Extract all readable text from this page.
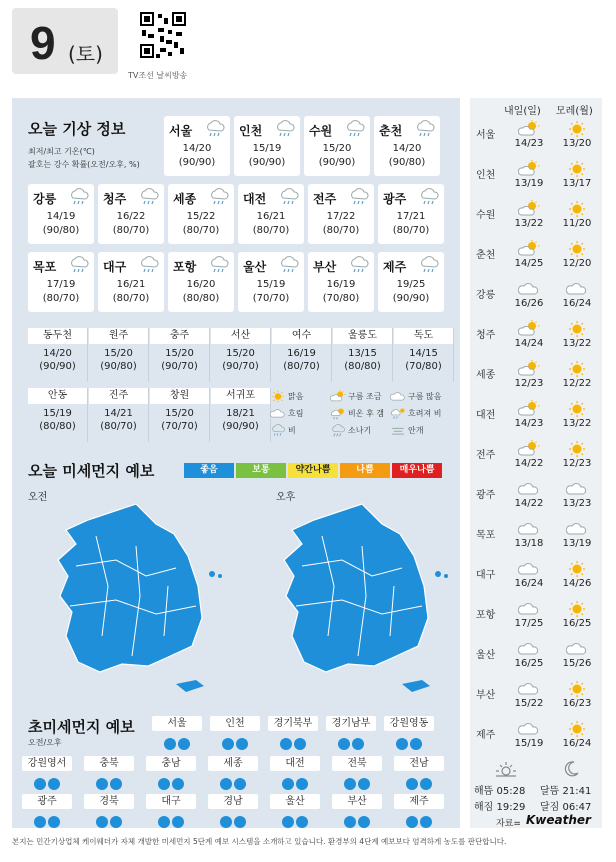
9 (토)
TV조선 날씨방송
오늘 기상 정보
최저/최고 기온(℃)
괄호는 강수 확률(오전/오후, %)
서울
14/20
(90/90)
인천
15/19
(90/90)
수원
15/20
(90/90)
춘천
14/20
(90/80)
강릉
14/19
(90/80)
청주
16/22
(80/70)
세종
15/22
(80/70)
대전
16/21
(80/70)
전주
17/22
(80/70)
광주
17/21
(80/70)
목포
17/19
(80/70)
대구
16/21
(80/70)
포항
16/20
(80/80)
울산
15/19
(70/70)
부산
16/19
(70/80)
제주
19/25
(90/90)
동두천
14/20
(90/90)
원주
15/20
(90/80)
충주
15/20
(90/70)
서산
15/20
(90/70)
여수
16/19
(80/70)
울릉도
13/15
(80/80)
독도
14/15
(70/80)
안동
15/19
(80/80)
진주
14/21
(80/70)
창원
15/20
(70/70)
서귀포
18/21
(90/90)
맑음	구름 조금	구름 많음
흐림	비온 후 갬	흐려져 비
비	소나기	안개
오늘 미세먼지 예보	좋음	보통	약간나쁨	나쁨	매우나쁨
오전	오후
초미세먼지 예보
오전/오후
서울	인천	경기북부	경기남부	강원영동
강원영서	충북	충남	세종	대전	전북	전남
광주	경북	대구	경남	울산	부산	제주
내일(일) 모레(월)
서울
14/23	13/20
인천
13/19	13/17
수원
13/22	11/20
춘천
14/25	12/20
강릉
16/26	16/24
청주
14/24	13/22
세종
12/23	12/22
대전
14/23	13/22
전주
14/22	12/23
광주
14/22	13/23
목포
13/18	13/19
대구
16/24	14/26
포항
17/25	16/25
울산
16/25	15/26
부산
15/22	16/23
제주
15/19	16/24
해뜸 05:28
해짐 19:29
달뜸 21:41
달짐 06:47
자료= Kweather
본지는 민간기상업체 케이웨더가 자체 개발한 미세먼지 5단계 예보 시스템을 소개하고 있습니다. 환경부의 4단계 예보보다 엄격하게 농도를 판단합니다.
